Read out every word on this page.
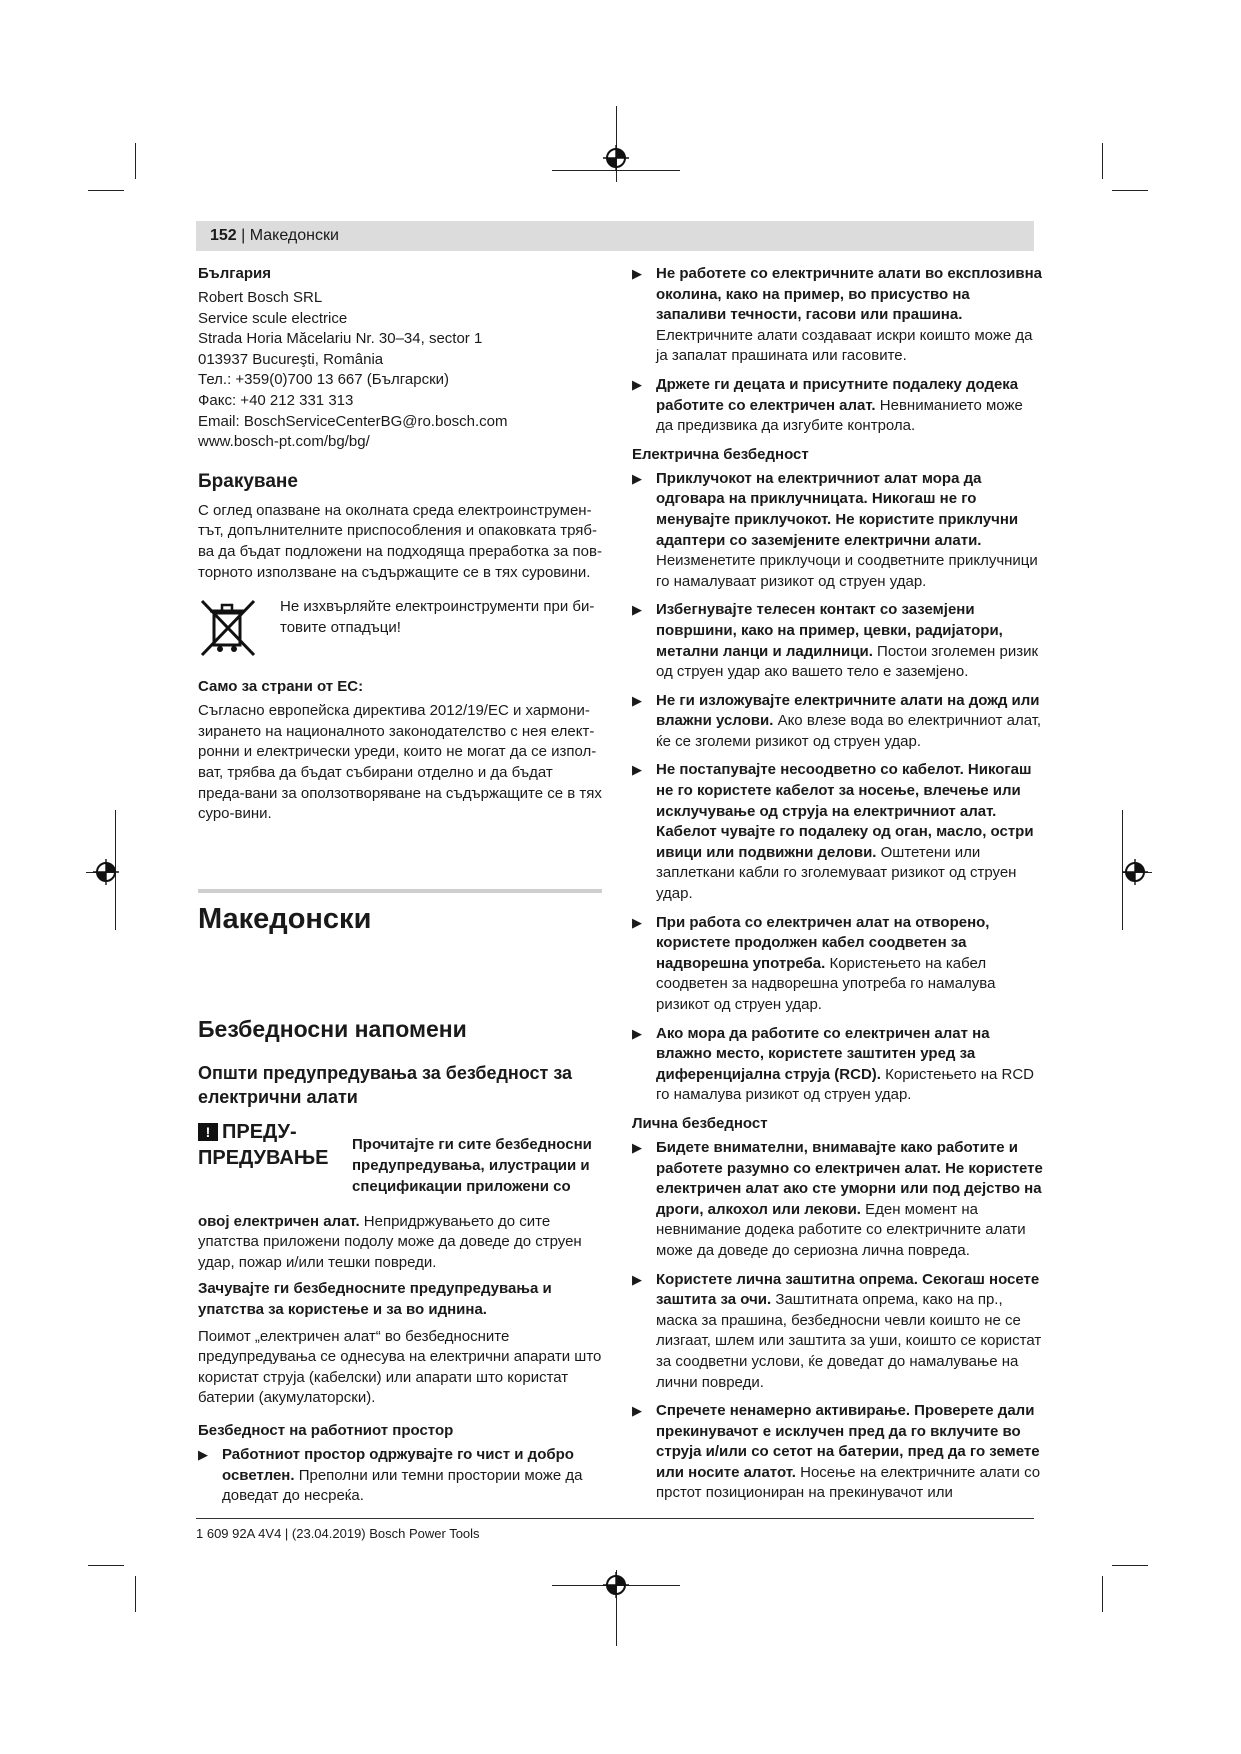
152 | Македонски

България

Robert Bosch SRL

Service scule electrice

Strada Horia Măcelariu Nr. 30–34, sector 1

013937 Bucureşti, România

Тел.: +359(0)700 13 667 (Български)

Факс: +40 212 331 313

Email: BoschServiceCenterBG@ro.bosch.com

www.bosch-pt.com/bg/bg/

Бракуване

С оглед опазване на околната среда електроинструмен-тът, допълнителните приспособления и опаковката тряб-ва да бъдат подложени на подходяща преработка за пов-торното използване на съдържащите се в тях суровини.

Не изхвърляйте електроинструменти при би-товите отпадъци!

Само за страни от ЕС:

Съгласно европейска директива 2012/19/ЕС и хармони-зирането на националното законодателство с нея елект-ронни и електрически уреди, които не могат да се изпол-ват, трябва да бъдат събирани отделно и да бъдат преда-вани за оползотворяване на съдържащите се в тях суро-вини.

Македонски

Безбедносни напомени

Општи предупредувања за безбедност за електрични алати

! ПРЕДУ-ПРЕДУВАЊЕ

Прочитајте ги сите безбедносни предупредувања, илустрации и спецификации приложени со

овој електричен алат. Непридржувањето до сите упатства приложени подолу може да доведе до струен удар, пожар и/или тешки повреди.

Зачувајте ги безбедносните предупредувања и упатства за користење и за во иднина.

Поимот „електричен алат“ во безбедносните предупредувања се однесува на електрични апарати што користат струја (кабелски) или апарати што користат батерии (акумулаторски).

Безбедност на работниот простор

▶ Работниот простор одржувајте го чист и добро осветлен. Преполни или темни простории може да доведат до несреќа.
▶ Не работете со електричните алати во експлозивна околина, како на пример, во присуство на запаливи течности, гасови или прашина. Електричните алати создаваат искри коишто може да ја запалат прашината или гасовите.
▶ Држете ги децата и присутните подалеку додека работите со електричен алат. Невниманието може да предизвика да изгубите контрола.

Електрична безбедност

▶ Приклучокот на електричниот алат мора да одговара на приклучницата. Никогаш не го менувајте приклучокот. Не користите приклучни адаптери со заземјените електрични алати. Неизменетите приклучоци и соодветните приклучници го намалуваат ризикот од струен удар.
▶ Избегнувајте телесен контакт со заземјени површини, како на пример, цевки, радијатори, метални ланци и ладилници. Постои зголемен ризик од струен удар ако вашето тело е заземјено.
▶ Не ги изложувајте електричните алати на дожд или влажни услови. Ако влезе вода во електричниот алат, ќе се зголеми ризикот од струен удар.
▶ Не постапувајте несоодветно со кабелот. Никогаш не го користете кабелот за носење, влечење или исклучување од струја на електричниот алат. Кабелот чувајте го подалеку од оган, масло, остри ивици или подвижни делови. Оштетени или заплеткани кабли го зголемуваат ризикот од струен удар.
▶ При работа со електричен алат на отворено, користете продолжен кабел соодветен за надворешна употреба. Користењето на кабел соодветен за надворешна употреба го намалува ризикот од струен удар.
▶ Ако мора да работите со електричен алат на влажно место, користете заштитен уред за диференцијална струја (RCD). Користењето на RCD го намалува ризикот од струен удар.

Лична безбедност

▶ Бидете внимателни, внимавајте како работите и работете разумно со електричен алат. Не користете електричен алат ако сте уморни или под дејство на дроги, алкохол или лекови. Еден момент на невнимание додека работите со електричните алати може да доведе до сериозна лична повреда.
▶ Користете лична заштитна опрема. Секогаш носете заштита за очи. Заштитната опрема, како на пр., маска за прашина, безбедносни чевли коишто не се лизгаат, шлем или заштита за уши, коишто се користат за соодветни услови, ќе доведат до намалување на лични повреди.
▶ Спречете ненамерно активирање. Проверете дали прекинувачот е исклучен пред да го вклучите во струја и/или со сетот на батерии, пред да го земете или носите алатот. Носење на електричните алати со прстот позициониран на прекинувачот или
1 609 92A 4V4 | (23.04.2019) Bosch Power Tools
